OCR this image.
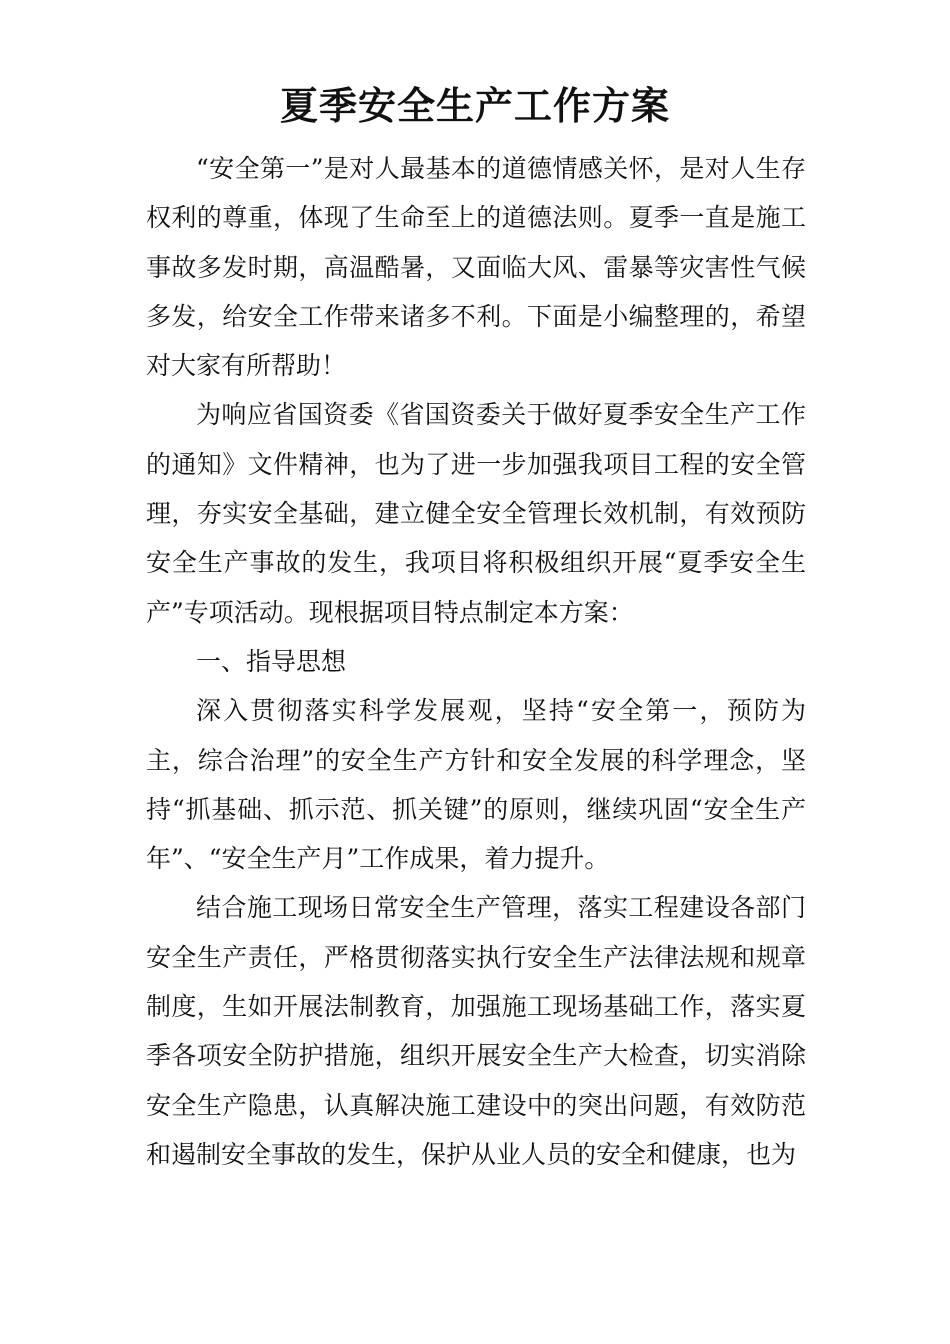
夏季安全生产工作方案

“安全第一”是对人最基本的道德情感关怀，是对人生存权利的尊重，体现了生命至上的道德法则。夏季一直是施工事故多发时期，高温酷暑，又面临大风、雷暴等灾害性气候多发，给安全工作带来诸多不利。下面是小编整理的，希望对大家有所帮助！

为响应省国资委《省国资委关于做好夏季安全生产工作的通知》文件精神，也为了进一步加强我项目工程的安全管理，夯实安全基础，建立健全安全管理长效机制，有效预防安全生产事故的发生，我项目将积极组织开展“夏季安全生产”专项活动。现根据项目特点制定本方案：

一、指导思想

深入贯彻落实科学发展观，坚持“安全第一，预防为主，综合治理”的安全生产方针和安全发展的科学理念，坚持“抓基础、抓示范、抓关键”的原则，继续巩固“安全生产年”、“安全生产月”工作成果，着力提升。

结合施工现场日常安全生产管理，落实工程建设各部门安全生产责任，严格贯彻落实执行安全生产法律法规和规章制度，生如开展法制教育，加强施工现场基础工作，落实夏季各项安全防护措施，组织开展安全生产大检查，切实消除安全生产隐患，认真解决施工建设中的突出问题，有效防范和遏制安全事故的发生，保护从业人员的安全和健康，也为
